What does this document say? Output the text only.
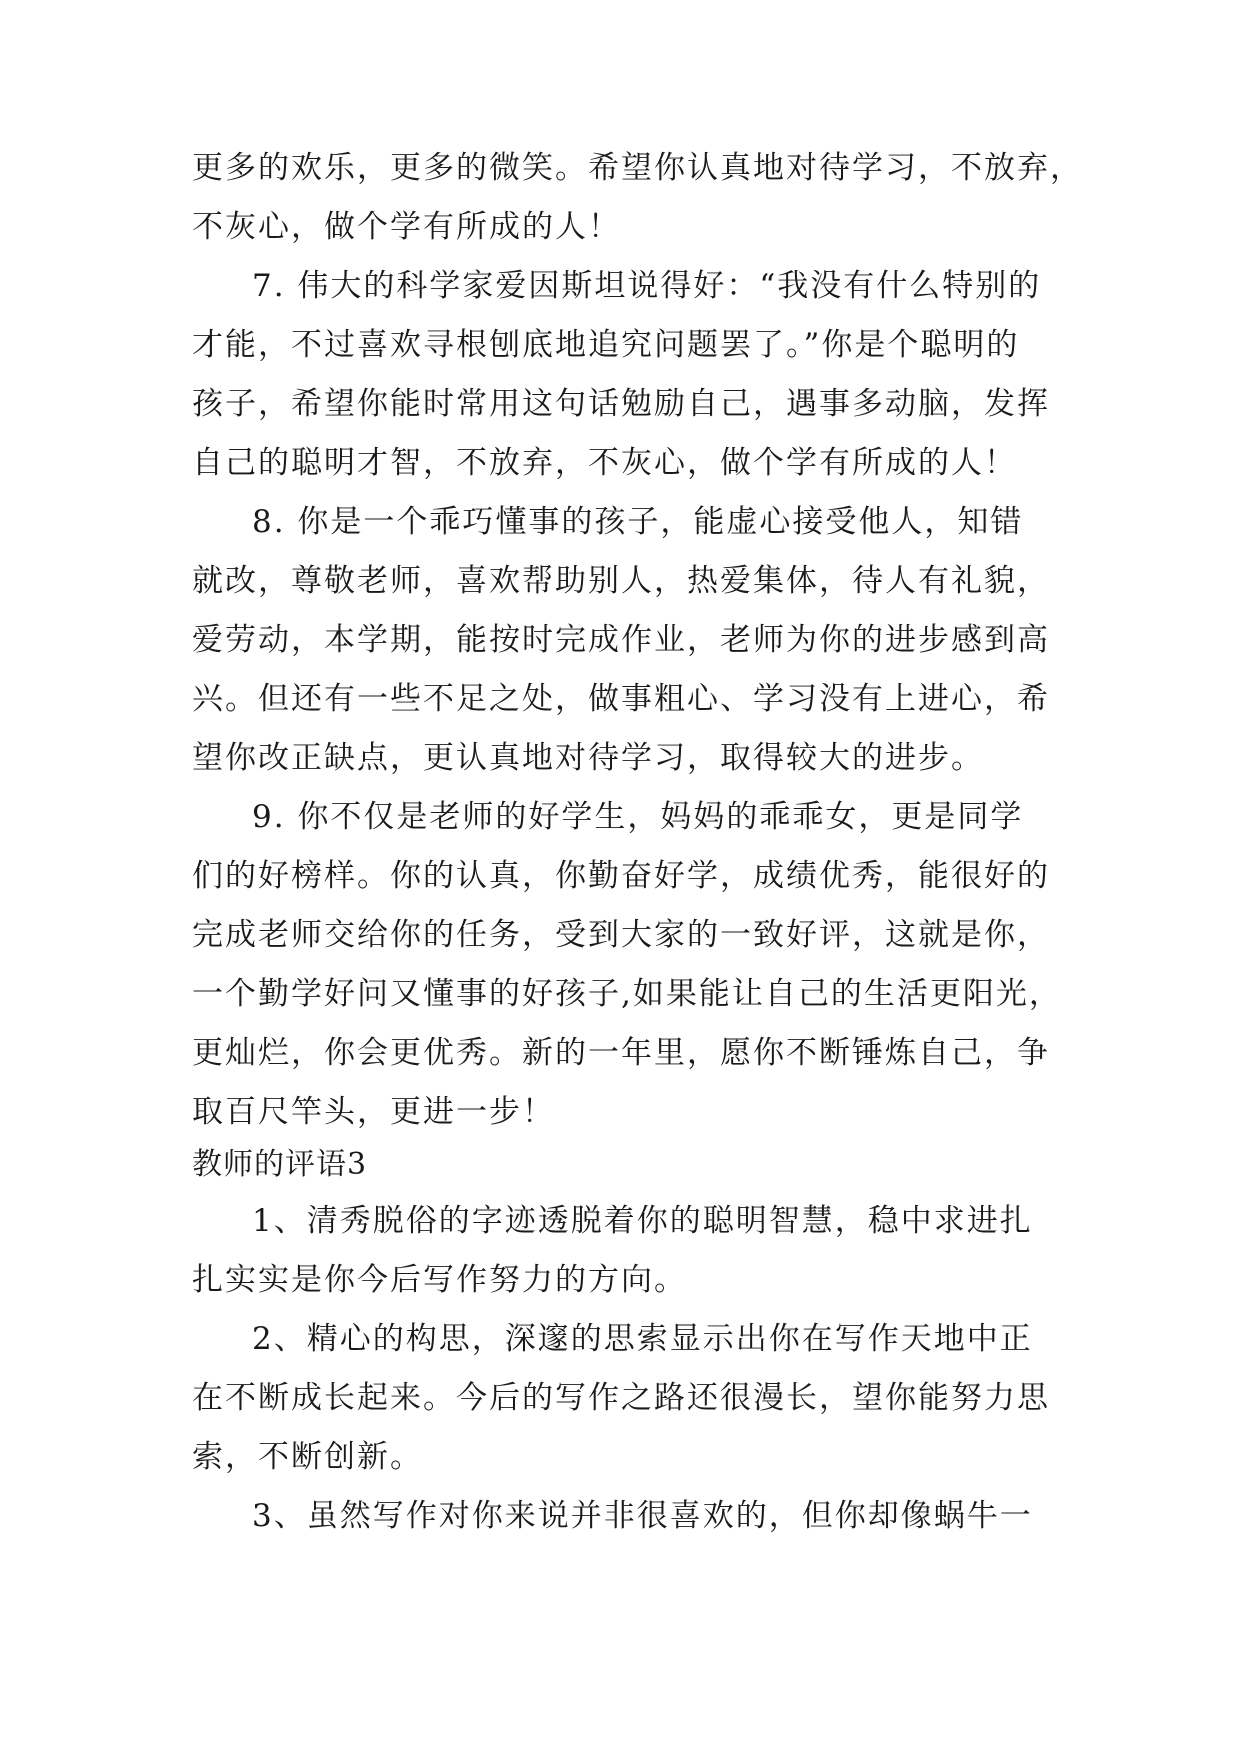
更多的欢乐，更多的微笑。希望你认真地对待学习，不放弃，
不灰心，做个学有所成的人！
7. 伟大的科学家爱因斯坦说得好：“我没有什么特别的
才能，不过喜欢寻根刨底地追究问题罢了。”你是个聪明的
孩子，希望你能时常用这句话勉励自己，遇事多动脑，发挥
自己的聪明才智，不放弃，不灰心，做个学有所成的人！
8. 你是一个乖巧懂事的孩子，能虚心接受他人，知错
就改，尊敬老师，喜欢帮助别人，热爱集体，待人有礼貌，
爱劳动，本学期，能按时完成作业，老师为你的进步感到高
兴。但还有一些不足之处，做事粗心、学习没有上进心，希
望你改正缺点，更认真地对待学习，取得较大的进步。
9. 你不仅是老师的好学生，妈妈的乖乖女，更是同学
们的好榜样。你的认真，你勤奋好学，成绩优秀，能很好的
完成老师交给你的任务，受到大家的一致好评，这就是你，
一个勤学好问又懂事的好孩子,如果能让自己的生活更阳光，
更灿烂，你会更优秀。新的一年里，愿你不断锤炼自己，争
取百尺竿头，更进一步！
教师的评语3
1、清秀脱俗的字迹透脱着你的聪明智慧，稳中求进扎
扎实实是你今后写作努力的方向。
2、精心的构思，深邃的思索显示出你在写作天地中正
在不断成长起来。今后的写作之路还很漫长，望你能努力思
索，不断创新。
3、虽然写作对你来说并非很喜欢的，但你却像蜗牛一
